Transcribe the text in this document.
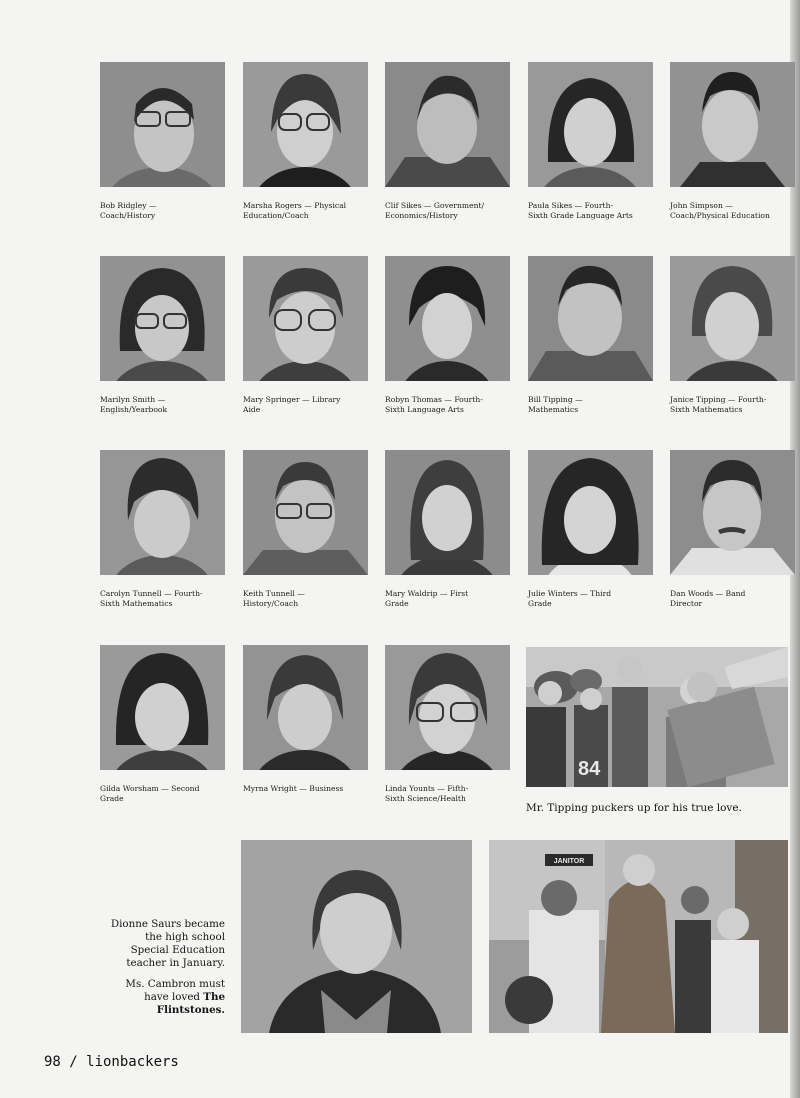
Bob Ridgley —
Coach/History
Marsha Rogers — Physical
Education/Coach
Clif Sikes — Government/
Economics/History
Paula Sikes — Fourth-
Sixth Grade Language Arts
John Simpson —
Coach/Physical Education
Marilyn Smith —
English/Yearbook
Mary Springer — Library
Aide
Robyn Thomas — Fourth-
Sixth Language Arts
Bill Tipping —
Mathematics
Janice Tipping — Fourth-
Sixth Mathematics
Carolyn Tunnell — Fourth-
Sixth Mathematics
Keith Tunnell —
History/Coach
Mary Waldrip — First
Grade
Julie Winters — Third
Grade
Dan Woods — Band
Director
Gilda Worsham — Second
Grade
Myrna Wright — Business	Linda Younts — Fifth-
Sixth Science/Health
84
Mr. Tipping puckers up for his true love.

Dionne Saurs became the high school Special Education teacher in January.

Ms. Cambron must have loved The Flintstones.

JANITOR
98 / lionbackers
